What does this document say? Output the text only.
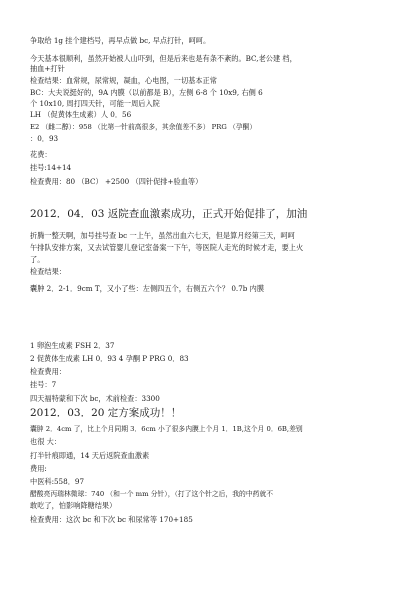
争取给 1g 挂个建档号，再早点做 bc, 早点打针，呵呵。
今天基本很顺利，虽然开始被人山吓到，但是后来也是有条不紊的。BC,老公建 档，
抽血+打针
检查结果：血常规，尿常规，凝血，心电图，一切基本正常
BC：大夫说挺好的，9A 内膜（以前都是 B），左侧 6-8 个 10x9, 右侧 6
个 10x10, 周打四天针，可能一周后入院
LH （促黄体生成素）人 0．56
E2 （雌二醇）：958 （比第一针前高很多，其余值差不多） PRG （孕酮）
：0．93
花费：
挂号:14+14
检查费用：80 （BC） +2500 （四针促排+验血等）
2012．04．03 返院查血激素成功，正式开始促排了，加油
折腾一整天啊，加号挂号查 bc 一上午，虽然出血六七天，但是算月经第三天，呵呵
午排队安排方案，又去试管婴儿登记室备案一下午，等医院人走光的时候才走，要上火
了。
检查结果：
囊肿 2．2-1．9cm T，又小了些：左侧四五个，右侧五六个？ 0.7b 内膜
1 卵泡生成素 FSH 2．37
2 促黄体生成素 LH 0．93 4 孕酮 P PRG 0．83
检查费用：
挂号：7
四天福特蒙和下次 bc，术前检查：3300
2012．03．20 定方案成功！！
囊肿 2．4cm 了，比上个月同期 3．6cm 小了很多内膜上个月 1．1B,这个月 0．6B,差别
也很 大：
打半针痕即通，14 天后返院查血激素
费用:
中医科:558．97
醋酸亮丙瑞林微球：740 （和一个 mm 分针），（打了这个针之后，我的中药就不
敢吃了，怕影响降糖结果）
检查费用：这次 bc 和下次 bc 和尿常等 170+185
